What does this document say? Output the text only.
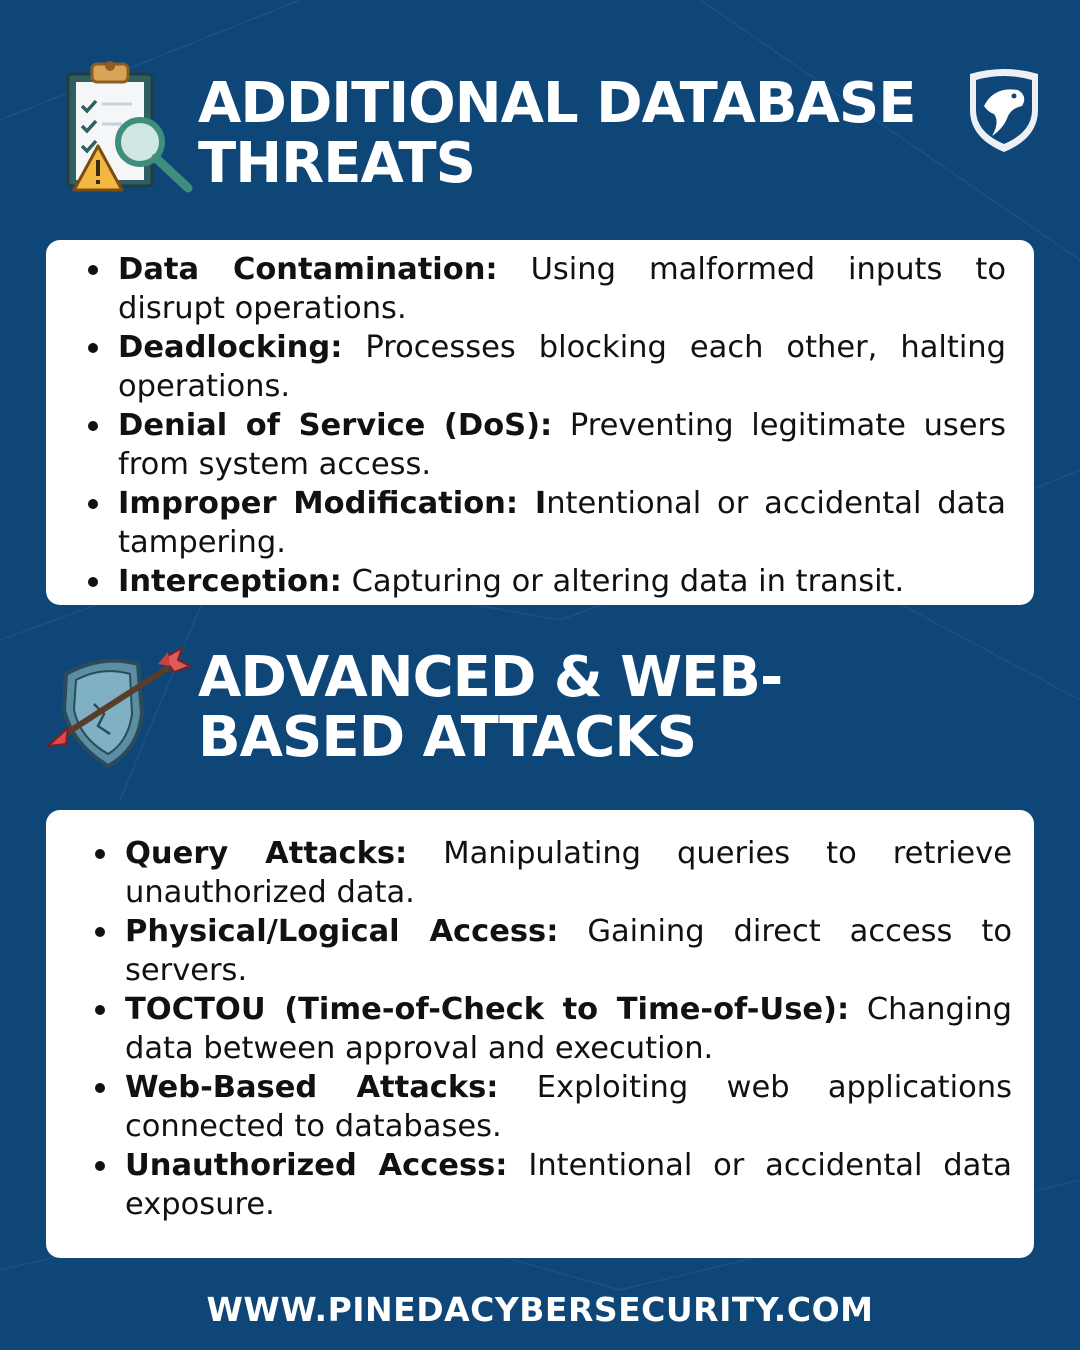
ADDITIONAL DATABASE
THREATS
Data Contamination: Using malformed inputs to disrupt operations.
Deadlocking: Processes blocking each other, halting operations.
Denial of Service (DoS): Preventing legitimate users from system access.
Improper Modification: Intentional or accidental data tampering.
Interception: Capturing or altering data in transit.
ADVANCED & WEB-
BASED ATTACKS
Query Attacks: Manipulating queries to retrieve unauthorized data.
Physical/Logical Access: Gaining direct access to servers.
TOCTOU (Time-of-Check to Time-of-Use): Changing data between approval and execution.
Web-Based Attacks: Exploiting web applications connected to databases.
Unauthorized Access: Intentional or accidental data exposure.
WWW.PINEDACYBERSECURITY.COM
